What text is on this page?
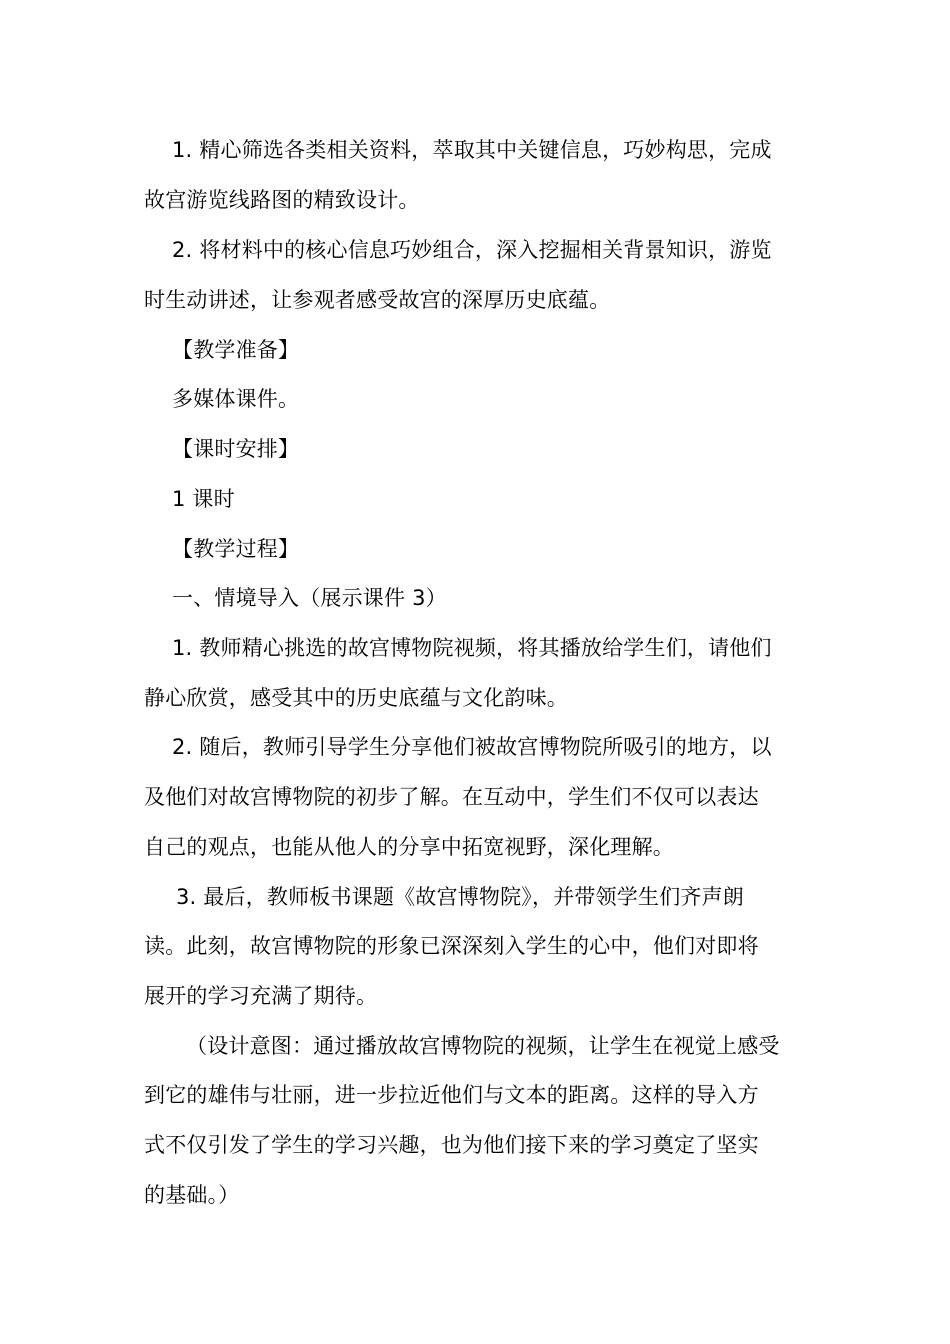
1. 精心筛选各类相关资料，萃取其中关键信息，巧妙构思，完成
故宫游览线路图的精致设计。
2. 将材料中的核心信息巧妙组合，深入挖掘相关背景知识，游览
时生动讲述，让参观者感受故宫的深厚历史底蕴。
【教学准备】
多媒体课件。
【课时安排】
1 课时
【教学过程】
一、情境导入（展示课件 3）
1. 教师精心挑选的故宫博物院视频，将其播放给学生们，请他们
静心欣赏，感受其中的历史底蕴与文化韵味。
2. 随后，教师引导学生分享他们被故宫博物院所吸引的地方，以
及他们对故宫博物院的初步了解。在互动中，学生们不仅可以表达
自己的观点，也能从他人的分享中拓宽视野，深化理解。
3. 最后，教师板书课题《故宫博物院》，并带领学生们齐声朗
读。此刻，故宫博物院的形象已深深刻入学生的心中，他们对即将
展开的学习充满了期待。
（设计意图：通过播放故宫博物院的视频，让学生在视觉上感受
到它的雄伟与壮丽，进一步拉近他们与文本的距离。这样的导入方
式不仅引发了学生的学习兴趣，也为他们接下来的学习奠定了坚实
的基础。）
